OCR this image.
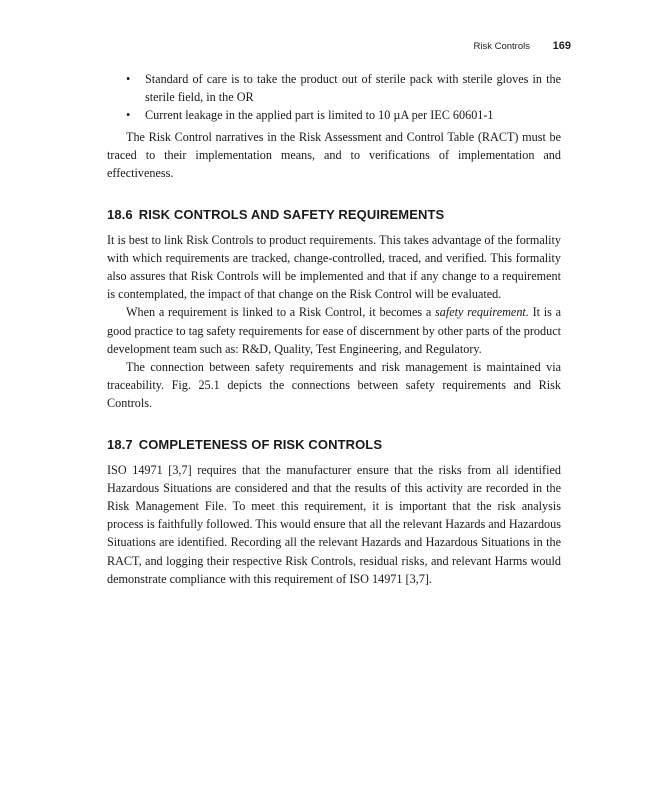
Risk Controls 169
• Standard of care is to take the product out of sterile pack with sterile gloves in the sterile field, in the OR
• Current leakage in the applied part is limited to 10 µA per IEC 60601-1

The Risk Control narratives in the Risk Assessment and Control Table (RACT) must be traced to their implementation means, and to verifications of implementation and effectiveness.

18.6 RISK CONTROLS AND SAFETY REQUIREMENTS

It is best to link Risk Controls to product requirements. This takes advantage of the formality with which requirements are tracked, change-controlled, traced, and verified. This formality also assures that Risk Controls will be implemented and that if any change to a requirement is contemplated, the impact of that change on the Risk Control will be evaluated.

When a requirement is linked to a Risk Control, it becomes a safety requirement. It is a good practice to tag safety requirements for ease of discernment by other parts of the product development team such as: R&D, Quality, Test Engineering, and Regulatory.

The connection between safety requirements and risk management is maintained via traceability. Fig. 25.1 depicts the connections between safety requirements and Risk Controls.

18.7 COMPLETENESS OF RISK CONTROLS

ISO 14971 [3,7] requires that the manufacturer ensure that the risks from all identified Hazardous Situations are considered and that the results of this activity are recorded in the Risk Management File. To meet this requirement, it is important that the risk analysis process is faithfully followed. This would ensure that all the relevant Hazards and Hazardous Situations are identified. Recording all the relevant Hazards and Hazardous Situations in the RACT, and logging their respective Risk Controls, residual risks, and relevant Harms would demonstrate compliance with this requirement of ISO 14971 [3,7].
